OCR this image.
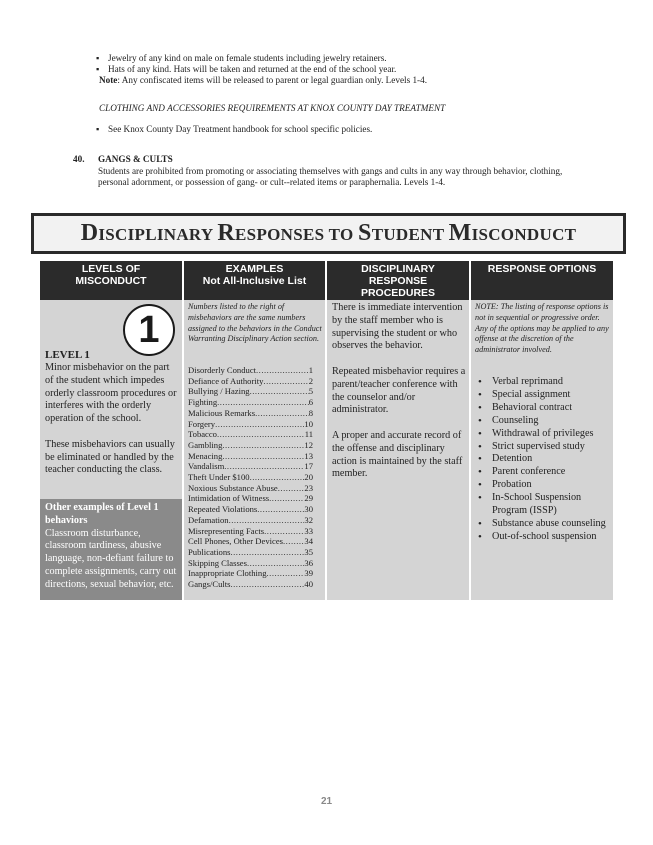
▪ Jewelry of any kind on male on female students including jewelry retainers.
▪ Hats of any kind. Hats will be taken and returned at the end of the school year.
Note: Any confiscated items will be released to parent or legal guardian only. Levels 1-4.
CLOTHING AND ACCESSORIES REQUIREMENTS AT KNOX COUNTY DAY TREATMENT
▪ See Knox County Day Treatment handbook for school specific policies.
40. GANGS & CULTS
Students are prohibited from promoting or associating themselves with gangs and cults in any way through behavior, clothing,
personal adornment, or possession of gang- or cult--related items or paraphernalia. Levels 1-4.
DISCIPLINARY RESPONSES TO STUDENT MISCONDUCT
LEVELS OF
MISCONDUCT
1
LEVEL 1
Minor misbehavior on the part of the student which impedes orderly classroom procedures or interferes with the orderly operation of the school.
These misbehaviors can usually be eliminated or handled by the teacher conducting the class.
Other examples of Level 1 behaviors
Classroom disturbance, classroom tardiness, abusive language, non-defiant failure to complete assignments, carry out directions, sexual behavior, etc.
EXAMPLES
Not All-Inclusive List
Numbers listed to the right of misbehaviors are the same numbers assigned to the behaviors in the Conduct Warranting Disciplinary Action section.
Disorderly Conduct .....	1
Defiance of Authority .....	2
Bullying / Hazing .....	5
Fighting .....	6
Malicious Remarks .....	8
Forgery .....	10
Tobacco .....	11
Gambling .....	12
Menacing .....	13
Vandalism .....	17
Theft Under $100 .....	20
Noxious Substance Abuse .....	23
Intimidation of Witness .....	29
Repeated Violations .....	30
Defamation .....	32
Misrepresenting Facts .....	33
Cell Phones, Other Devices ..... 34
Publications .....	35
Skipping Classes .....	36
Inappropriate Clothing .....	39
Gangs/Cults .....	40
DISCIPLINARY
RESPONSE
PROCEDURES

There is immediate intervention by the staff member who is supervising the student or who observes the behavior.

Repeated misbehavior requires a parent/teacher conference with the counselor and/or administrator.

A proper and accurate record of the offense and disciplinary action is maintained by the staff member.

RESPONSE OPTIONS
NOTE: The listing of response options is not in sequential or progressive order. Any of the options may be applied to any offense at the discretion of the administrator involved.
• Verbal reprimand
• Special assignment
• Behavioral contract
• Counseling
• Withdrawal of privileges
• Strict supervised study
• Detention
• Parent conference
• Probation
• In-School Suspension Program (ISSP)
• Substance abuse counseling
• Out-of-school suspension
21
